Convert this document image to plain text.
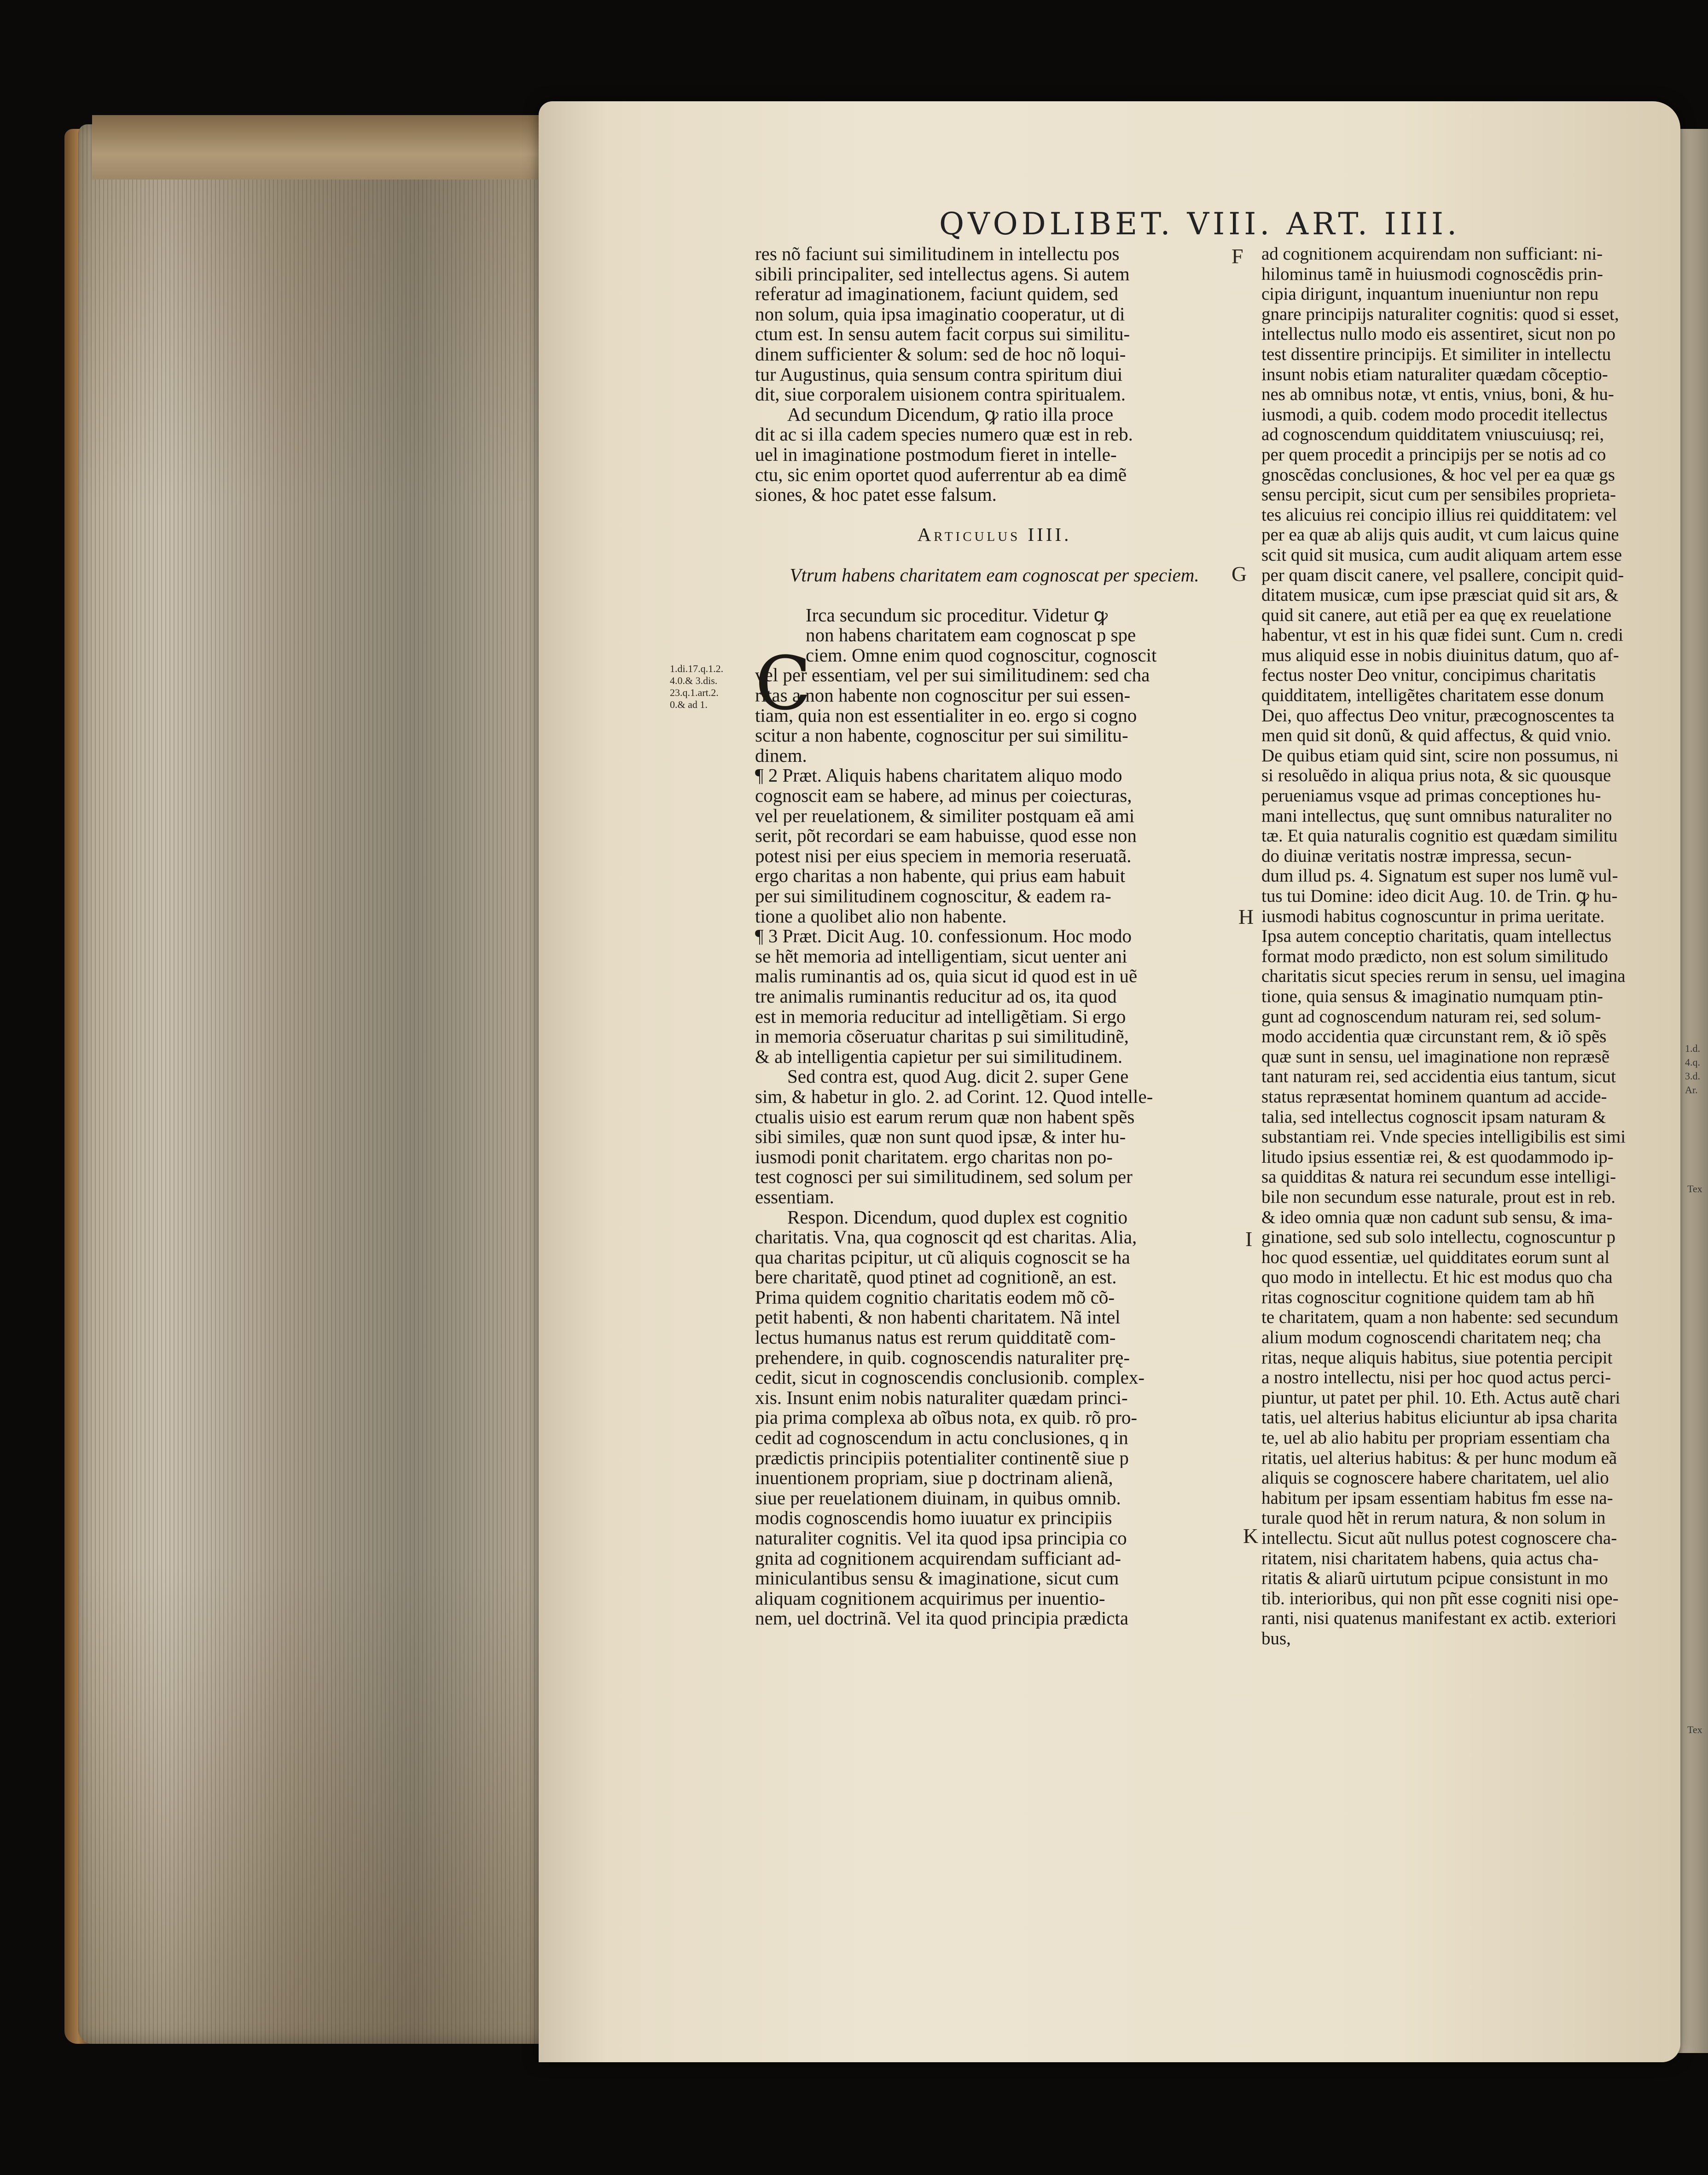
QVODLIBET. VIII. ART. IIII.
res nõ faciunt sui similitudinem in intellectu pos
sibili principaliter, sed intellectus agens. Si autem
referatur ad imaginationem, faciunt quidem, sed
non solum, quia ipsa imaginatio cooperatur, ut di
ctum est. In sensu autem facit corpus sui similitu-
dinem sufficienter & solum: sed de hoc nõ loqui-
tur Augustinus, quia sensum contra spiritum diui
dit, siue corporalem uisionem contra spiritualem.
Ad secundum Dicendum, ꝙ ratio illa proce
dit ac si illa cadem species numero quæ est in reb.
uel in imaginatione postmodum fieret in intelle-
ctu, sic enim oportet quod auferrentur ab ea dimẽ
siones, & hoc patet esse falsum.
Articulus IIII.
Vtrum habens charitatem eam cognoscat per speciem.
Irca secundum sic proceditur. Videtur ꝙ
non habens charitatem eam cognoscat p spe
ciem. Omne enim quod cognoscitur, cognoscit
vel per essentiam, vel per sui similitudinem: sed cha
ritas a non habente non cognoscitur per sui essen-
tiam, quia non est essentialiter in eo. ergo si cogno
scitur a non habente, cognoscitur per sui similitu-
dinem.
¶ 2 Præt. Aliquis habens charitatem aliquo modo
cognoscit eam se habere, ad minus per coiecturas,
vel per reuelationem, & similiter postquam eã ami
serit, põt recordari se eam habuisse, quod esse non
potest nisi per eius speciem in memoria reseruatã.
ergo charitas a non habente, qui prius eam habuit
per sui similitudinem cognoscitur, & eadem ra-
tione a quolibet alio non habente.
¶ 3 Præt. Dicit Aug. 10. confessionum. Hoc modo
se hẽt memoria ad intelligentiam, sicut uenter ani
malis ruminantis ad os, quia sicut id quod est in uẽ
tre animalis ruminantis reducitur ad os, ita quod
est in memoria reducitur ad intelligẽtiam. Si ergo
in memoria cõseruatur charitas p sui similitudinẽ,
& ab intelligentia capietur per sui similitudinem.
Sed contra est, quod Aug. dicit 2. super Gene
sim, & habetur in glo. 2. ad Corint. 12. Quod intelle-
ctualis uisio est earum rerum quæ non habent spẽs
sibi similes, quæ non sunt quod ipsæ, & inter hu-
iusmodi ponit charitatem. ergo charitas non po-
test cognosci per sui similitudinem, sed solum per
essentiam.
Respon. Dicendum, quod duplex est cognitio
charitatis. Vna, qua cognoscit qd est charitas. Alia,
qua charitas pcipitur, ut cũ aliquis cognoscit se ha
bere charitatẽ, quod ptinet ad cognitionẽ, an est.
Prima quidem cognitio charitatis eodem mõ cõ-
petit habenti, & non habenti charitatem. Nã intel
lectus humanus natus est rerum quidditatẽ com-
prehendere, in quib. cognoscendis naturaliter prę-
cedit, sicut in cognoscendis conclusionib. complex-
xis. Insunt enim nobis naturaliter quædam princi-
pia prima complexa ab oĩbus nota, ex quib. rõ pro-
cedit ad cognoscendum in actu conclusiones, q in
prædictis principiis potentialiter continentẽ siue p
inuentionem propriam, siue p doctrinam alienã,
siue per reuelationem diuinam, in quibus omnib.
modis cognoscendis homo iuuatur ex principiis
naturaliter cognitis. Vel ita quod ipsa principia co
gnita ad cognitionem acquirendam sufficiant ad-
miniculantibus sensu & imaginatione, sicut cum
aliquam cognitionem acquirimus per inuentio-
nem, uel doctrinã. Vel ita quod principia prædicta
ad cognitionem acquirendam non sufficiant: ni-
hilominus tamẽ in huiusmodi cognoscẽdis prin-
cipia dirigunt, inquantum inueniuntur non repu
gnare principijs naturaliter cognitis: quod si esset,
intellectus nullo modo eis assentiret, sicut non po
test dissentire principijs. Et similiter in intellectu
insunt nobis etiam naturaliter quædam cõceptio-
nes ab omnibus notæ, vt entis, vnius, boni, & hu-
iusmodi, a quib. codem modo procedit itellectus
ad cognoscendum quidditatem vniuscuiusq; rei,
per quem procedit a principijs per se notis ad co
gnoscẽdas conclusiones, & hoc vel per ea quæ gs
sensu percipit, sicut cum per sensibiles proprieta-
tes alicuius rei concipio illius rei quidditatem: vel
per ea quæ ab alijs quis audit, vt cum laicus quine
scit quid sit musica, cum audit aliquam artem esse
per quam discit canere, vel psallere, concipit quid-
ditatem musicæ, cum ipse præsciat quid sit ars, &
quid sit canere, aut etiã per ea quę ex reuelatione
habentur, vt est in his quæ fidei sunt. Cum n. credi
mus aliquid esse in nobis diuinitus datum, quo af-
fectus noster Deo vnitur, concipimus charitatis
quidditatem, intelligẽtes charitatem esse donum
Dei, quo affectus Deo vnitur, præcognoscentes ta
men quid sit donũ, & quid affectus, & quid vnio.
De quibus etiam quid sint, scire non possumus, ni
si resoluẽdo in aliqua prius nota, & sic quousque
perueniamus vsque ad primas conceptiones hu-
mani intellectus, quę sunt omnibus naturaliter no
tæ. Et quia naturalis cognitio est quædam similitu
do diuinæ veritatis nostræ impressa, secun-
dum illud ps. 4. Signatum est super nos lumẽ vul-
tus tui Domine: ideo dicit Aug. 10. de Trin. ꝙ hu-
iusmodi habitus cognoscuntur in prima ueritate.
Ipsa autem conceptio charitatis, quam intellectus
format modo prædicto, non est solum similitudo
charitatis sicut species rerum in sensu, uel imagina
tione, quia sensus & imaginatio numquam ptin-
gunt ad cognoscendum naturam rei, sed solum-
modo accidentia quæ circunstant rem, & iõ spẽs
quæ sunt in sensu, uel imaginatione non repræsẽ
tant naturam rei, sed accidentia eius tantum, sicut
status repræsentat hominem quantum ad accide-
talia, sed intellectus cognoscit ipsam naturam &
substantiam rei. Vnde species intelligibilis est simi
litudo ipsius essentiæ rei, & est quodammodo ip-
sa quidditas & natura rei secundum esse intelligi-
bile non secundum esse naturale, prout est in reb.
& ideo omnia quæ non cadunt sub sensu, & ima-
ginatione, sed sub solo intellectu, cognoscuntur p
hoc quod essentiæ, uel quidditates eorum sunt al
quo modo in intellectu. Et hic est modus quo cha
ritas cognoscitur cognitione quidem tam ab hñ
te charitatem, quam a non habente: sed secundum
alium modum cognoscendi charitatem neq; cha
ritas, neque aliquis habitus, siue potentia percipit
a nostro intellectu, nisi per hoc quod actus perci-
piuntur, ut patet per phil. 10. Eth. Actus autẽ chari
tatis, uel alterius habitus eliciuntur ab ipsa charita
te, uel ab alio habitu per propriam essentiam cha
ritatis, uel alterius habitus: & per hunc modum eã
aliquis se cognoscere habere charitatem, uel alio
habitum per ipsam essentiam habitus fm esse na-
turale quod hẽt in rerum natura, & non solum in
intellectu. Sicut aũt nullus potest cognoscere cha-
ritatem, nisi charitatem habens, quia actus cha-
ritatis & aliarũ uirtutum pcipue consistunt in mo
tib. interioribus, qui non pñt esse cogniti nisi ope-
ranti, nisi quatenus manifestant ex actib. exteriori
bus,
C
F
G
H
I
K
1.di.17.q.1.2.
4.0.& 3.dis.
23.q.1.art.2.
0.& ad 1.
1.d.
4.q.
3.d.
Ar.
Tex
Tex
